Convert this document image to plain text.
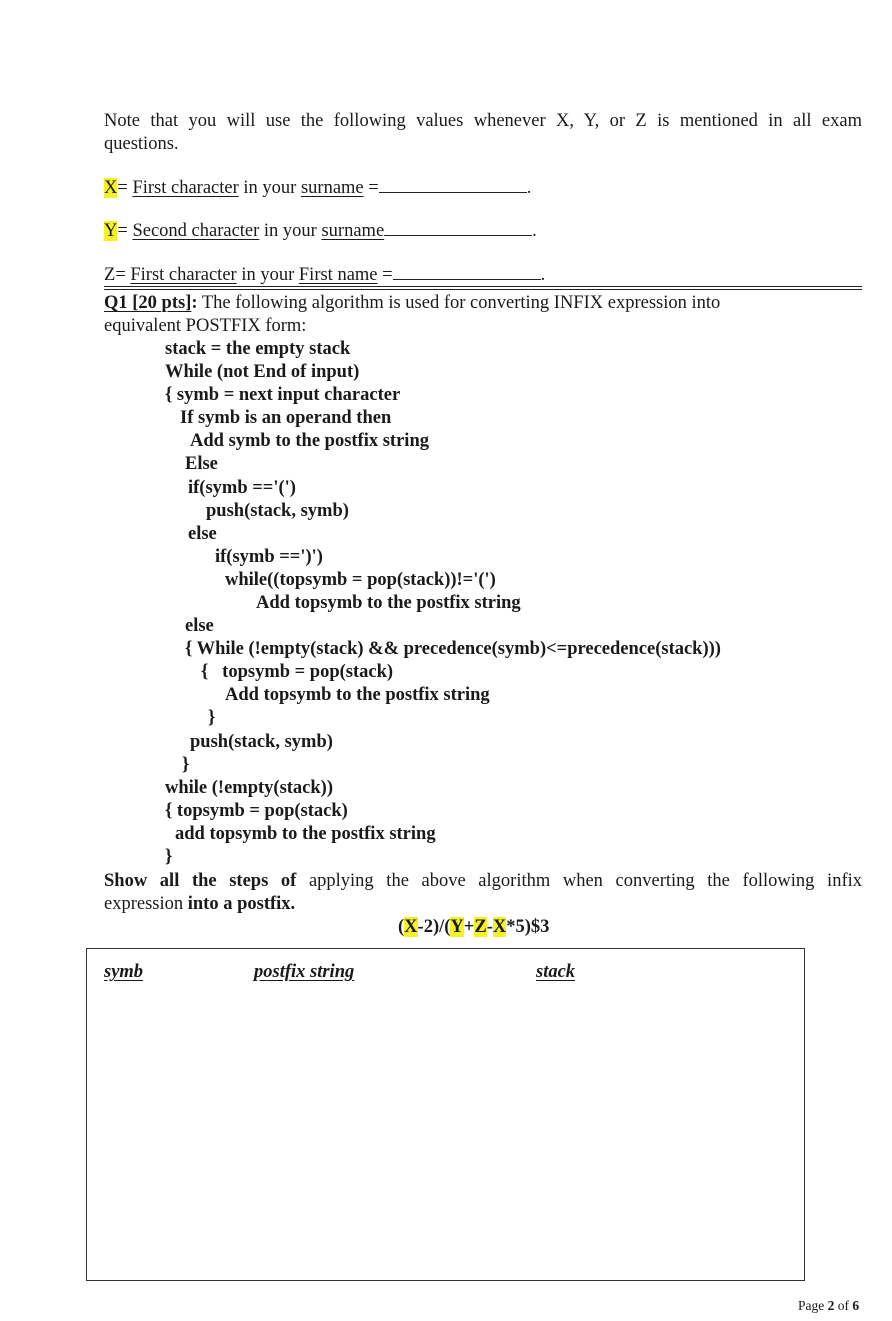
Note that you will use the following values whenever X, Y, or Z is mentioned in all exam
questions.
X= First character in your surname =	.
Y= Second character in your surname	.
Z= First character in your First name =	.
Q1 [20 pts]: The following algorithm is used for converting INFIX expression into
equivalent POSTFIX form:
stack = the empty stack
While (not End of input)
{ symb = next input character
If symb is an operand then
Add symb to the postfix string
Else
if(symb =='(')
push(stack, symb)
else
if(symb ==')')
while((topsymb = pop(stack))!='(')
Add topsymb to the postfix string
else
{ While (!empty(stack) && precedence(symb)<=precedence(stack)))
{   topsymb = pop(stack)
Add topsymb to the postfix string
}
push(stack, symb)
}
while (!empty(stack))
{ topsymb = pop(stack)
add topsymb to the postfix string
}
Show all the steps of applying the above algorithm when converting the following infix
expression into a postfix.
(X-2)/(Y+Z-X*5)$3
symb	postfix string	stack
Page 2 of 6
